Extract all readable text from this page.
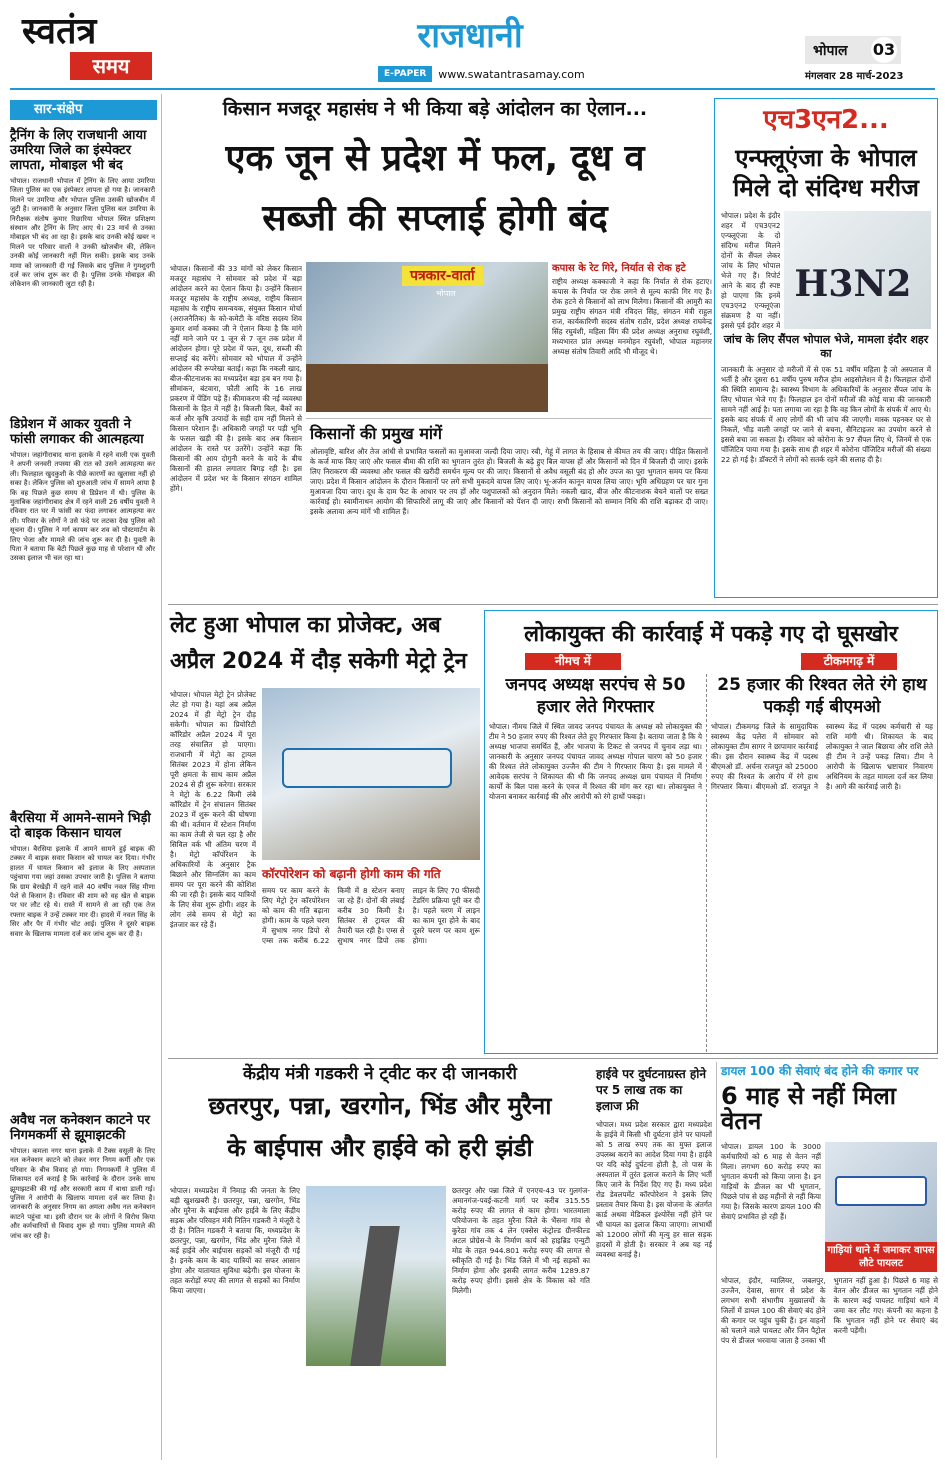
स्वतंत्र
समय
राजधानी
E-PAPER	www.swatantrasamay.com
भोपाल 03
मंगलवार 28 मार्च-2023
सार-संक्षेप
ट्रैनिंग के लिए राजधानी आया उमरिया जिले का इंस्पेक्टर लापता, मोबाइल भी बंद
भोपाल। राजधानी भोपाल में ट्रेनिंग के लिए आया उमरिया जिला पुलिस का एक इंस्पेक्टर लापता हो गया है। जानकारी मिलने पर उमरिया और भोपाल पुलिस उसकी खोजबीन में जुटी है। जानकारी के अनुसार जिला पुलिस बल उमरिया के निरीक्षक संतोष कुमार रिछारिया भोपाल स्थित प्रशिक्षण संस्थान और ट्रेनिंग के लिए आए थे। 23 मार्च से उनका मोबाइल भी बंद आ रहा है। इसके बाद उनकी कोई खबर न मिलने पर परिवार वालों ने उनकी खोजबीन की, लेकिन उनकी कोई जानकारी नहीं मिल सकी। इसके बाद उनके मामा को जानकारी दी गई जिसके बाद पुलिस ने गुमशुदगी दर्ज कर जांच शुरू कर दी है। पुलिस उनके मोबाइल की लोकेशन की जानकारी जुटा रही है।
डिप्रेशन में आकर युवती ने फांसी लगाकर की आत्महत्या
भोपाल। जहांगीराबाद थाना इलाके में रहने वाली एक युवती ने अपनी जनवरी तपस्या की रात को उसने आत्महत्या कर ली। फिलहाल खुदकुशी के पीछे कारणों का खुलासा नहीं हो सका है। लेकिन पुलिस को शुरुआती जांच में सामने आया है कि वह पिछले कुछ समय से डिप्रेशन में थी। पुलिस के मुताबिक जहांगीराबाद क्षेत्र में रहने वाली 26 वर्षीय युवती ने रविवार रात घर में फांसी का फंदा लगाकर आत्महत्या कर ली। परिवार के लोगों ने उसे फंदे पर लटका देख पुलिस को सूचना दी। पुलिस ने मर्ग कायम कर शव को पोस्टमार्टम के लिए भेजा और मामले की जांच शुरू कर दी है। युवती के पिता ने बताया कि बेटी पिछले कुछ माह से परेशान थी और उसका इलाज भी चल रहा था।
बैरसिया में आमने-सामने भिड़ी दो बाइक किसान घायल
भोपाल। बैरसिया इलाके में आमने सामने हुई बाइक की टक्कर में बाइक सवार किसान को घायल कर दिया। गंभीर हालत में घायल किसान को इलाज के लिए अस्पताल पहुंचाया गया जहां उसका उपचार जारी है। पुलिस ने बताया कि ग्राम बेरखेड़ी में रहने वाले 40 वर्षीय नवल सिंह मीणा पेशे से किसान है। रविवार की शाम को वह खेत से बाइक पर घर लौट रहे थे। रास्ते में सामने से आ रही एक तेज रफ्तार बाइक ने उन्हें टक्कर मार दी। हादसे में नवल सिंह के सिर और पैर में गंभीर चोट आई। पुलिस ने दूसरे बाइक सवार के खिलाफ मामला दर्ज कर जांच शुरू कर दी है।
अवैध नल कनेक्शन काटने पर निगमकर्मी से झूमाझटकी
भोपाल। कमला नगर थाना इलाके में टैक्स वसूली के लिए नल कनेक्शन काटने को लेकर नगर निगम कर्मी और एक परिवार के बीच विवाद हो गया। निगमकर्मी ने पुलिस में शिकायत दर्ज कराई है कि कार्रवाई के दौरान उनके साथ झूमाझटकी की गई और सरकारी काम में बाधा डाली गई। पुलिस ने आरोपी के खिलाफ मामला दर्ज कर लिया है। जानकारी के अनुसार निगम का अमला अवैध नल कनेक्शन काटने पहुंचा था। इसी दौरान घर के लोगों ने विरोध किया और कर्मचारियों से विवाद शुरू हो गया। पुलिस मामले की जांच कर रही है।
किसान मजदूर महासंघ ने भी किया बड़े आंदोलन का ऐलान...
एक जून से प्रदेश में फल, दूध व
सब्जी की सप्लाई होगी बंद
भोपाल। किसानों की 33 मांगों को लेकर किसान मजदूर महासंघ ने सोमवार को प्रदेश में बड़ा आंदोलन करने का ऐलान किया है। उन्होंने किसान मजदूर महासंघ के राष्ट्रीय अध्यक्ष, राष्ट्रीय किसान महासंघ के राष्ट्रीय समन्वयक, संयुक्त किसान मोर्चा (अराजनैतिक) के को-कमेटी के वरिष्ठ सदस्य शिव कुमार शर्मा कक्का जी ने ऐलान किया है कि मांगे नहीं माने जाने पर 1 जून से 7 जून तक प्रदेश में आंदोलन होगा। पूरे प्रदेश में फल, दूध, सब्जी की सप्लाई बंद करेंगे। सोमवार को भोपाल में उन्होंने आंदोलन की रूपरेखा बताई। कहा कि नकली खाद, बीज-कीटनाशक का मध्यप्रदेश बड़ा हब बन गया है। सीमांकन, बंटवारा, फौती आदि के 16 लाख प्रकरण में पेंडिंग पड़े हैं। कीमाकरण की नई व्यवस्था किसानों के हित में नहीं है। बिजली बिल, बैंकों का कर्ज और कृषि उत्पादों के सही दाम नहीं मिलने से किसान परेशान हैं। अधिकारी जगहों पर पड़ी भूमि के फसल खड़ी की है। इसके बाद अब किसान आंदोलन के रास्ते पर उतरेंगे। उन्होंने कहा कि किसानों की आय दोगुनी करने के वादे के बीच किसानों की हालत लगातार बिगड़ रही है। इस आंदोलन में प्रदेश भर के किसान संगठन शामिल होंगे।
पत्रकार-वार्ता
भोपाल
कपास के रेट गिरे, निर्यात से रोक हटे
राष्ट्रीय अध्यक्ष कक्काजी ने कहा कि निर्यात से रोक हटाए। कपास के निर्यात पर रोक लगने से मूल्य काफी गिर गए हैं। रोक हटने से किसानों को लाभ मिलेगा। किसानों की आमुरी का प्रमुख राष्ट्रीय संगठन मंत्री रविदत्त सिंह, संगठन मंत्री राहुल राज, कार्यकारिणी सदस्य संतोष राठौर, प्रदेश अध्यक्ष राघवेन्द्र सिंह रघुवंशी, महिला विंग की प्रदेश अध्यक्ष अनुराधा रघुवंशी, मध्यभारत प्रांत अध्यक्ष मनमोहन रघुवंशी, भोपाल महानगर अध्यक्ष संतोष तिवारी आदि भी मौजूद थे।
किसानों की प्रमुख मांगें
ओलावृष्टि, बारिश और तेज आंधी से प्रभावित फसलों का मुआवजा जल्दी दिया जाए। रबी, गेहूं में लागत के हिसाब से कीमत तय की जाए। पीड़ित किसानों के कर्ज माफ किए जाएं और फसल बीमा की राशि का भुगतान तुरंत हो। बिजली के बढ़े हुए बिल वापस हों और किसानों को दिन में बिजली दी जाए। इसके लिए निराकरण की व्यवस्था और फसल की खरीदी समर्थन मूल्य पर की जाए। किसानों से अवैध वसूली बंद हो और उपज का पूरा भुगतान समय पर किया जाए। प्रदेश में किसान आंदोलन के दौरान किसानों पर लगे सभी मुकदमे वापस लिए जाएं। भू-अर्जन कानून वापस लिया जाए। भूमि अधिग्रहण पर चार गुना मुआवजा दिया जाए। दूध के दाम फैट के आधार पर तय हों और पशुपालकों को अनुदान मिले। नकली खाद, बीज और कीटनाशक बेचने वालों पर सख्त कार्रवाई हो। स्वामीनाथन आयोग की सिफारिशें लागू की जाएं और किसानों को पेंशन दी जाए। सभी किसानों को सम्मान निधि की राशि बढ़ाकर दी जाए। इसके अलावा अन्य मांगें भी शामिल हैं।
एच3एन2...
एन्फ्लूएंजा के भोपाल मिले दो संदिग्ध मरीज
भोपाल। प्रदेश के इंदौर शहर में एच3एन2 एन्फ्लूएंजा के दो संदिग्ध मरीज मिलने दोनों के सैंपल लेकर जांच के लिए भोपाल भेजे गए हैं। रिपोर्ट आने के बाद ही स्पष्ट हो पाएगा कि इनमें एच3एन2 एन्फ्लूएंजा संक्रमण है या नहीं। इससे पूर्व इंदौर शहर में
H3N2
जांच के लिए सैंपल भोपाल भेजे, मामला इंदौर शहर का
जानकारी के अनुसार दो मरीजों में से एक 51 वर्षीय महिला है जो अस्पताल में भर्ती है और दूसरा 61 वर्षीय पुरुष मरीज होम आइसोलेशन में है। फिलहाल दोनों की स्थिति सामान्य है। स्वास्थ्य विभाग के अधिकारियों के अनुसार सैंपल जांच के लिए भोपाल भेजे गए हैं। फिलहाल इन दोनों मरीजों की कोई यात्रा की जानकारी सामने नहीं आई है। पता लगाया जा रहा है कि वह किन लोगों के संपर्क में आए थे। इसके बाद संपर्क में आए लोगों की भी जांच की जाएगी। मास्क पहनकर घर से निकलें, भीड़ वाली जगहों पर जाने से बचना, सैनिटाइजर का उपयोग करने से इससे बचा जा सकता है। रविवार को कोरोना के 97 सैंपल लिए थे, जिनमें से एक पॉजिटिव पाया गया है। इसके साथ ही शहर में कोरोना पॉजिटिव मरीजों की संख्या 22 हो गई है। डॉक्टरों ने लोगों को सतर्क रहने की सलाह दी है।
लेट हुआ भोपाल का प्रोजेक्ट, अब
अप्रैल 2024 में दौड़ सकेगी मेट्रो ट्रेन
भोपाल। भोपाल मेट्रो ट्रेन प्रोजेक्ट लेट हो गया है। यहां अब अप्रैल 2024 में ही मेट्रो ट्रेन दौड़ सकेगी। भोपाल का प्रियोरिटी कॉरिडोर अप्रैल 2024 में पूरा तरह संचालित हो पाएगा। राजधानी में मेट्रो का ट्रायल सितंबर 2023 में होना लेकिन पूरी क्षमता के साथ काम अप्रैल 2024 से ही शुरू करेगा। सरकार ने मेट्रो के 6.22 किमी लंबे कॉरिडोर में ट्रेन संचालन सितंबर 2023 में शुरू करने की घोषणा की थी। वर्तमान में स्टेशन निर्माण का काम तेजी से चल रहा है और सिविल वर्क भी अंतिम चरण में है। मेट्रो कॉर्पोरेशन के अधिकारियों के अनुसार ट्रैक बिछाने और सिग्नलिंग का काम समय पर पूरा करने की कोशिश की जा रही है। इसके बाद यात्रियों के लिए सेवा शुरू होगी। शहर के लोग लंबे समय से मेट्रो का इंतजार कर रहे हैं।
कॉरपोरेशन को बढ़ानी होगी काम की गति
समय पर काम करने के लिए मेट्रो ट्रेन कॉरपोरेशन को काम की गति बढ़ाना होगी। काम के पहले चरण में सुभाष नगर डिपो से एम्स तक करीब 6.22 किमी में 8 स्टेशन बनाए जा रहे हैं। दोनों की लंबाई करीब 30 किमी है। सितंबर से ट्रायल की तैयारी चल रही है। एम्स से सुभाष नगर डिपो तक लाइन के लिए 70 फीसदी टेंडरिंग प्रक्रिया पूरी कर दी है। पहले चरण में लाइन का काम पूरा होने के बाद दूसरे चरण पर काम शुरू होगा।
लोकायुक्त की कार्रवाई में पकड़े गए दो घूसखोर
नीमच में	टीकमगढ़ में
जनपद अध्यक्ष सरपंच से 50 हजार लेते गिरफ्तार
भोपाल। नीमच जिले में स्थित जावद जनपद पंचायत के अध्यक्ष को लोकायुक्त की टीम ने 50 हजार रुपए की रिश्वत लेते हुए गिरफ्तार किया है। बताया जाता है कि ये अध्यक्ष भाजपा समर्थित हैं, और भाजपा के टिकट से जनपद में चुनाव लड़ा था। जानकारी के अनुसार जनपद पंचायत जावद अध्यक्ष गोपाल चारण को 50 हजार की रिश्वत लेते लोकायुक्त उज्जैन की टीम ने गिरफ्तार किया है। इस मामले में आवेदक सरपंच ने शिकायत की थी कि जनपद अध्यक्ष ग्राम पंचायत में निर्माण कार्यों के बिल पास करने के एवज में रिश्वत की मांग कर रहा था। लोकायुक्त ने योजना बनाकर कार्रवाई की और आरोपी को रंगे हाथों पकड़ा।
25 हजार की रिश्वत लेते रंगे हाथ पकड़ी गई बीएमओ
भोपाल। टीकमगढ़ जिले के सामुदायिक स्वास्थ्य केंद्र पलेरा में सोमवार को लोकायुक्त टीम सागर ने छापामार कार्रवाई की। इस दौरान स्वास्थ्य केंद्र में पदस्थ बीएमओ डॉ. अर्चना राजपूत को 25000 रुपए की रिश्वत के आरोप में रंगे हाथ गिरफ्तार किया। बीएमओ डॉ. राजपूत ने स्वास्थ्य केंद्र में पदस्थ कर्मचारी से यह राशि मांगी थी। शिकायत के बाद लोकायुक्त ने जाल बिछाया और राशि लेते ही टीम ने उन्हें पकड़ लिया। टीम ने आरोपी के खिलाफ भ्रष्टाचार निवारण अधिनियम के तहत मामला दर्ज कर लिया है। आगे की कार्रवाई जारी है।
केंद्रीय मंत्री गडकरी ने ट्वीट कर दी जानकारी
छतरपुर, पन्ना, खरगोन, भिंड और मुरैना
के बाईपास और हाईवे को हरी झंडी
भोपाल। मध्यप्रदेश में निमाड़ की जनता के लिए बड़ी खुशखबरी है। छतरपुर, पन्ना, खरगोन, भिंड और मुरैना के बाईपास और हाईवे के लिए केंद्रीय सड़क और परिवहन मंत्री नितिन गडकरी ने मंजूरी दे दी है। नितिन गडकरी ने बताया कि, मध्यप्रदेश के छतरपुर, पन्ना, खरगोन, भिंड और मुरैना जिले में कई हाईवे और बाईपास सड़कों को मंजूरी दी गई है। इनके काम के बाद यात्रियों का सफर आसान होगा और यातायात सुविधा बढ़ेगी। इस योजना के तहत करोड़ों रुपए की लागत से सड़कों का निर्माण किया जाएगा।
छतरपुर और पन्ना जिले में एनएच-43 पर गुलगंज-अमानगंज-पवई-कटनी मार्ग पर करीब 315.55 करोड़ रुपए की लागत से काम होगा। भारतमाला परियोजना के तहत मुरैना जिले के भैंसना गांव से कुरेठा गांव तक 4 लेन एक्सेस कंट्रोल्ड ग्रीनफील्ड अटल प्रोग्रेस-वे के निर्माण कार्य को हाइब्रिड एन्युटी मोड के तहत 944.801 करोड़ रुपए की लागत से स्वीकृति दी गई है। भिंड जिले में भी नई सड़कों का निर्माण होगा और इसकी लागत करीब 1289.87 करोड़ रुपए होगी। इससे क्षेत्र के विकास को गति मिलेगी।
हाईवे पर दुर्घटनाग्रस्त होने पर 5 लाख तक का इलाज फ्री
भोपाल। मध्य प्रदेश सरकार द्वारा मध्यप्रदेश के हाईवे में किसी भी दुर्घटना होने पर घायलों को 5 लाख रुपए तक का मुफ्त इलाज उपलब्ध कराने का आदेश दिया गया है। हाईवे पर यदि कोई दुर्घटना होती है, तो पास के अस्पताल में तुरंत इलाज कराने के लिए भर्ती किए जाने के निर्देश दिए गए हैं। मध्य प्रदेश रोड डेवलपमेंट कॉरपोरेशन ने इसके लिए प्रस्ताव तैयार किया है। इस योजना के अंतर्गत कार्ड अथवा मेडिकल इंश्योरेंस नहीं होने पर भी घायल का इलाज किया जाएगा। लाभार्थी को 12000 लोगों की मृत्यु हर साल सड़क हादसों में होती है। सरकार ने अब यह नई व्यवस्था बनाई है।
डायल 100 की सेवाएं बंद होने की कगार पर
6 माह से नहीं मिला वेतन
भोपाल। डायल 100 के 3000 कर्मचारियों को 6 माह से वेतन नहीं मिला। लगभग 60 करोड़ रुपए का भुगतान कंपनी को किया जाना है। इन गाड़ियों के डीजल का भी भुगतान, पिछले पांच से छह महीनों से नहीं किया गया है। जिसके कारण डायल 100 की सेवाएं प्रभावित हो रही हैं।
गाड़ियां थाने में जमाकर वापस लौटे पायलट
भोपाल, इंदौर, ग्वालियर, जबलपुर, उज्जैन, देवास, सागर से प्रदेश के लगभग सभी संभागीय मुख्यालयों के जिलों में डायल 100 की सेवाएं बंद होने की कगार पर पहुंच चुकी हैं। इन वाहनों को चलाने वाले पायलट और जिन पैट्रोल पंप से डीजल भरवाया जाता है उनका भी भुगतान नहीं हुआ है। पिछले 6 माह से वेतन और डीजल का भुगतान नहीं होने के कारण कई पायलट गाड़ियां थाने में जमा कर लौट गए। कंपनी का कहना है कि भुगतान नहीं होने पर सेवाएं बंद करनी पड़ेंगी।
